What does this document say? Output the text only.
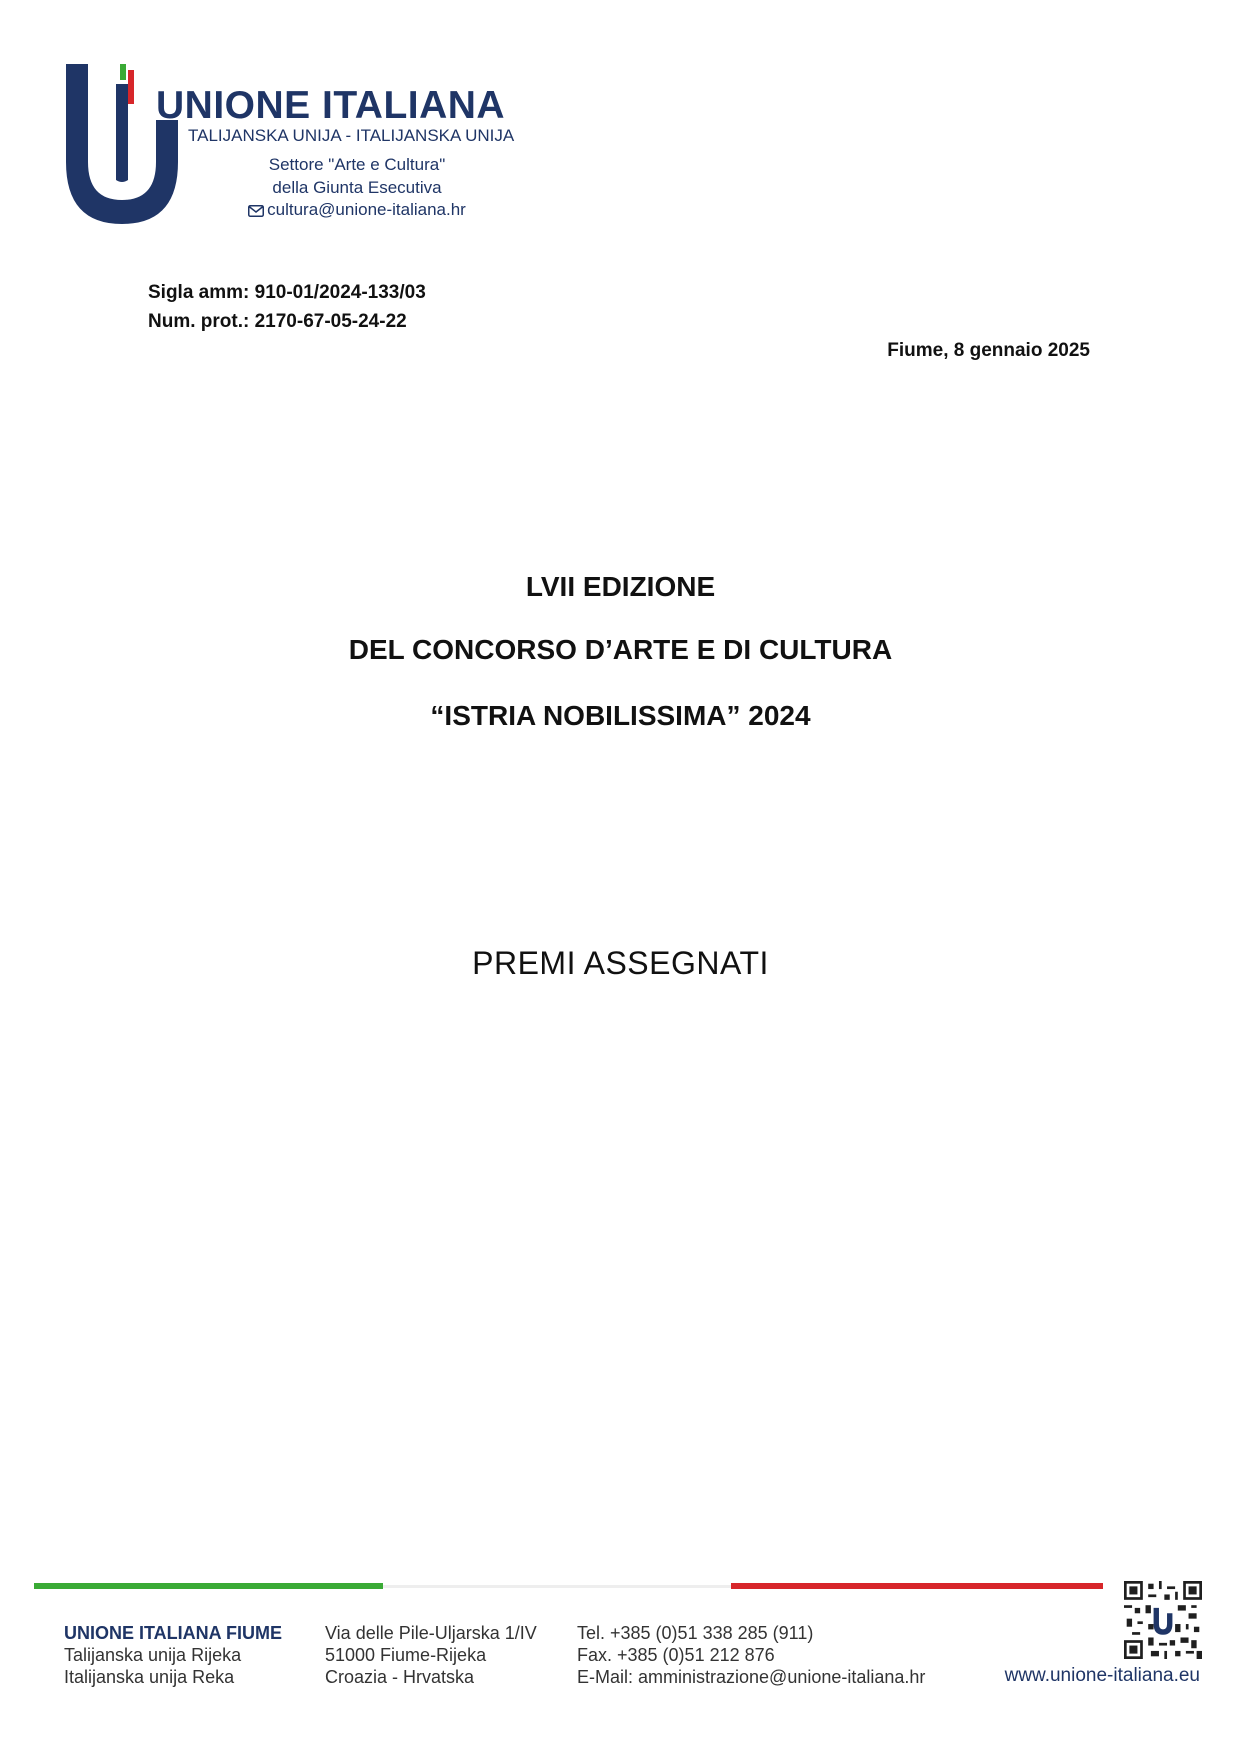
UNIONE ITALIANA
TALIJANSKA UNIJA - ITALIJANSKA UNIJA
Settore "Arte e Cultura"
della Giunta Esecutiva
cultura@unione-italiana.hr
Sigla amm: 910-01/2024-133/03
Num. prot.: 2170-67-05-24-22
Fiume, 8 gennaio 2025
LVII EDIZIONE
DEL CONCORSO D’ARTE E DI CULTURA
“ISTRIA NOBILISSIMA” 2024
PREMI ASSEGNATI
UNIONE ITALIANA FIUME
Talijanska unija Rijeka
Italijanska unija Reka
Via delle Pile-Uljarska 1/IV
51000 Fiume-Rijeka
Croazia - Hrvatska
Tel. +385 (0)51 338 285 (911)
Fax. +385 (0)51 212 876
E-Mail: amministrazione@unione-italiana.hr	www.unione-italiana.eu
